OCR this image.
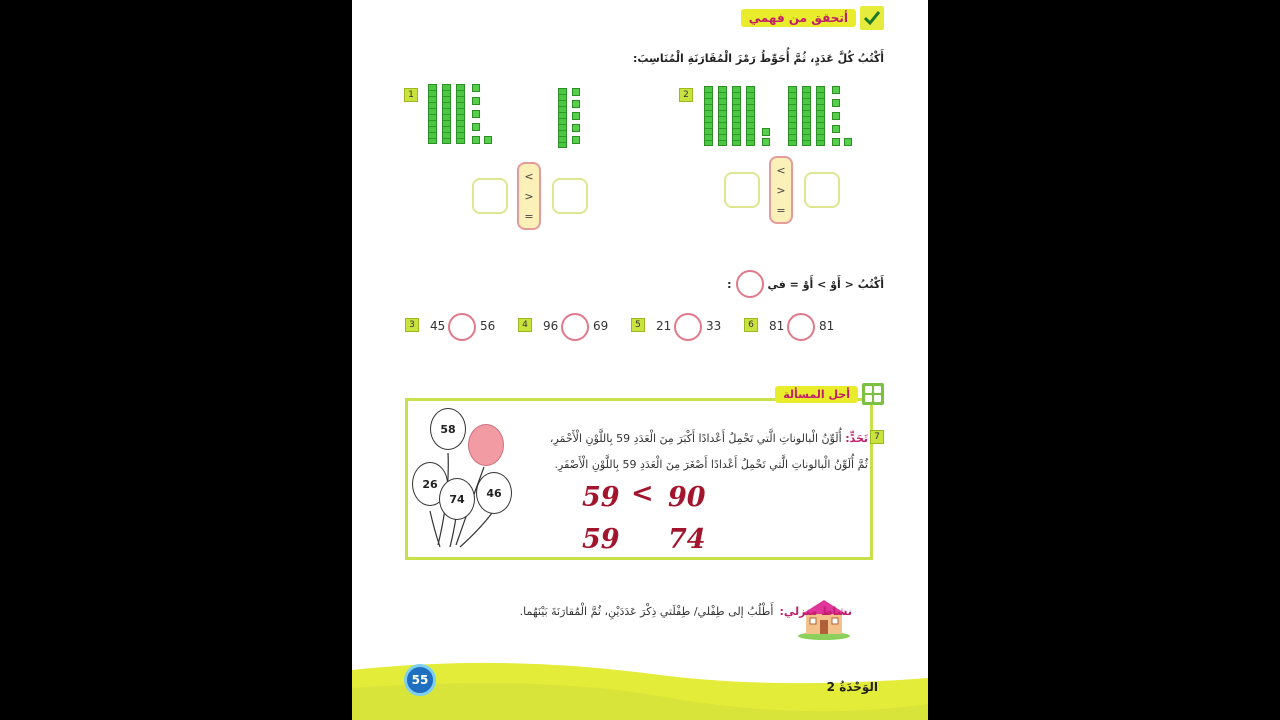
أتحقق من فهمي
أَكْتُبُ كُلَّ عَدَدٍ، ثُمَّ أُحَوِّطُ رَمْزَ الْمُقَارَنَةِ الْمُنَاسِبَ:
1
<
>
=
2
<
>
=
أَكْتُبُ < أَوْ > أَوْ = في
:
3	45	56	4	96	69	5	21	33	6	81	81
أحل المسألة
7
تَحَدٍّ: أُلَوِّنُ الْبالوناتِ الَّتي تَحْمِلُ أَعْدادًا أَكْبَرَ مِنَ الْعَدَدِ 59 بِاللَّوْنِ الْأَحْمَرِ، ثُمَّ أُلَوِّنُ الْبالوناتِ الَّتي تَحْمِلُ أَعْدادًا أَصْغَرَ مِنَ الْعَدَدِ 59 بِاللَّوْنِ الْأَصْفَرِ.
58
26
74	46	59 < 90
59 74
نشاط منزلي:
أَطْلُبُ إلى طِفْلي/ طِفْلَتي ذِكْرَ عَدَدَيْنِ، ثُمَّ الْمُقارَنَةَ بَيْنَهُما.
55	الوَحْدَةُ 2
